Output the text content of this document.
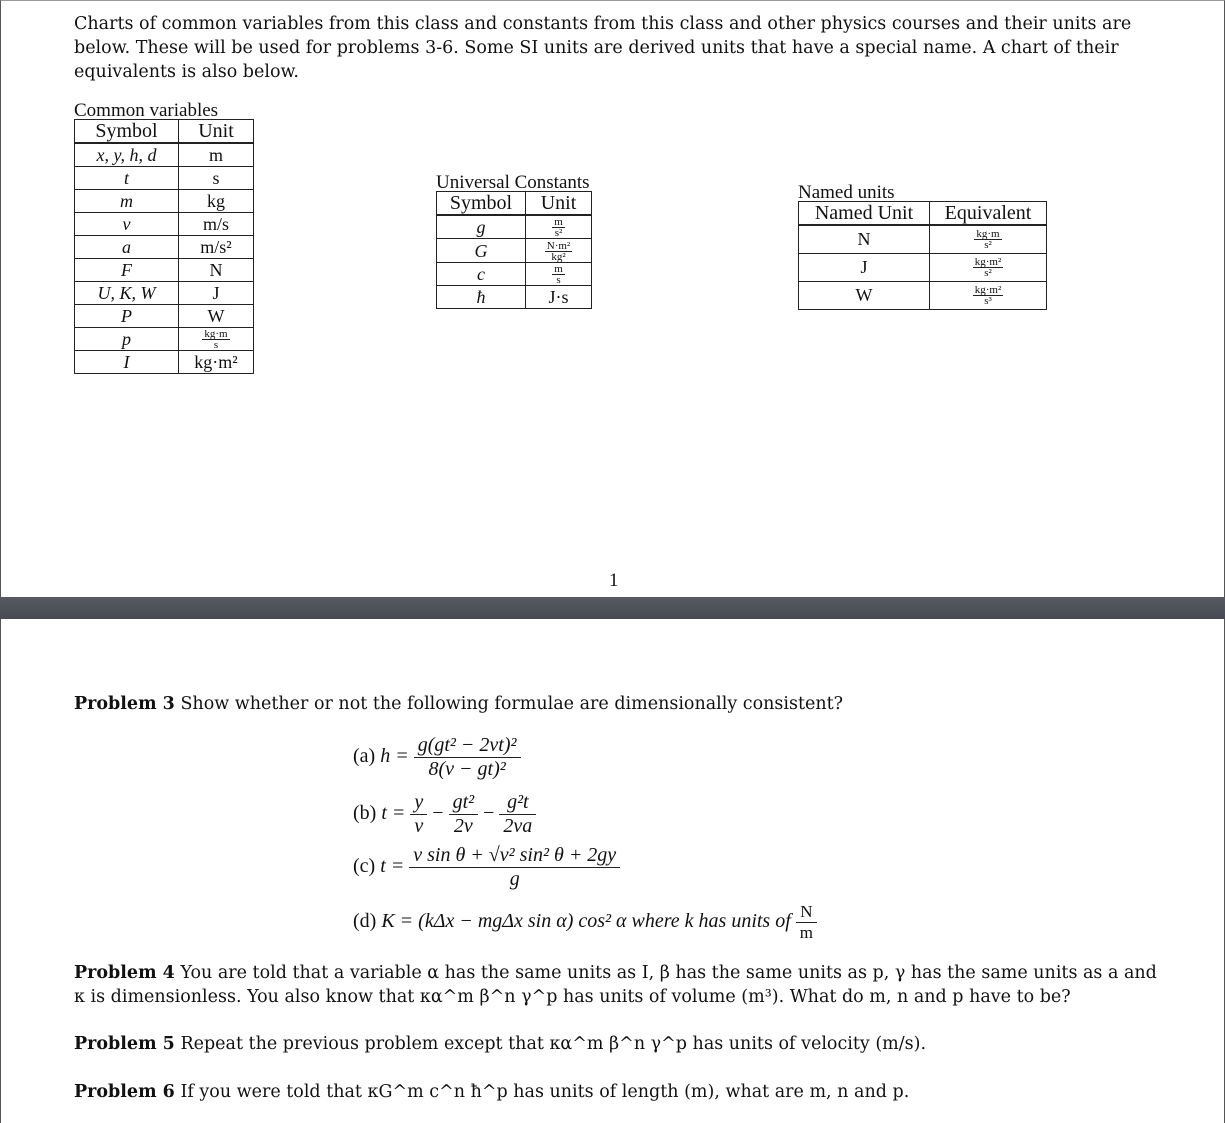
Charts of common variables from this class and constants from this class and other physics courses and their units are below. These will be used for problems 3-6. Some SI units are derived units that have a special name. A chart of their equivalents is also below.
Common variables
Symbol	Unit
x, y, h, d	m
t	s
m	kg
v	m/s
a	m/s²
F	N
U, K, W	J
P	W
p	$\frac{kg\cdot m}{s}$

I	kg·m²
Universal Constants
Symbol	Unit
g	$\frac{m}{\text{s²}}$

G	$\frac{\text{N·m²}}{\text{kg²}}$

c	$\frac{m}{s}$

ħ	J·s
Named units
Named Unit	Equivalent
N	$\frac{kg\cdot m}{\text{s²}}$

J	$\frac{\text{kg·m²}}{\text{s²}}$

W	$\frac{\text{kg·m²}}{\text{s³}}$
1
Problem 3 Show whether or not the following formulae are dimensionally consistent?
(a) $h = \frac{\text{g(gt² − 2vt)²}}{\text{8(v − gt)²}}$
(b) $t = \frac{y}{v} - \frac{\text{gt²}}{2v} - \frac{\text{g²t}}{2va}$
(c) $t = \frac{\text{v sin θ + √v² sin² θ + 2gy}}{g}$
(d) K = (kΔx − mgΔx sin α) cos² α where k has units of $\frac{N}{m}$
Problem 4 You are told that a variable α has the same units as I, β has the same units as p, γ has the same units as a and κ is dimensionless. You also know that κα^m β^n γ^p has units of volume (m³). What do m, n and p have to be?
Problem 5 Repeat the previous problem except that κα^m β^n γ^p has units of velocity (m/s).
Problem 6 If you were told that κG^m c^n ħ^p has units of length (m), what are m, n and p.
